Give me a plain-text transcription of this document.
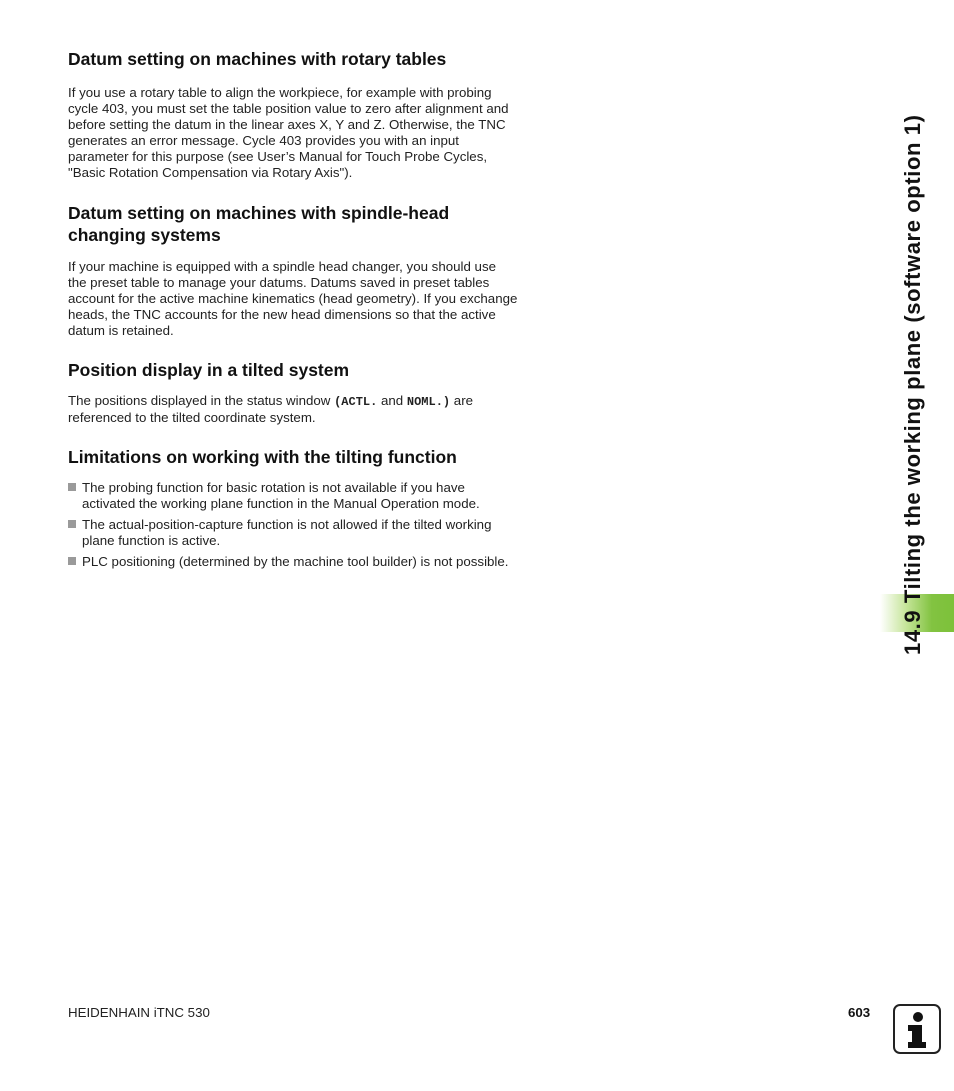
Datum setting on machines with rotary tables

If you use a rotary table to align the workpiece, for example with probing cycle 403, you must set the table position value to zero after alignment and before setting the datum in the linear axes X, Y and Z. Otherwise, the TNC generates an error message. Cycle 403 provides you with an input parameter for this purpose (see User’s Manual for Touch Probe Cycles, "Basic Rotation Compensation via Rotary Axis").

Datum setting on machines with spindle-head changing systems

If your machine is equipped with a spindle head changer, you should use the preset table to manage your datums. Datums saved in preset tables account for the active machine kinematics (head geometry). If you exchange heads, the TNC accounts for the new head dimensions so that the active datum is retained.

Position display in a tilted system

The positions displayed in the status window (ACTL. and NOML.) are referenced to the tilted coordinate system.

Limitations on working with the tilting function
The probing function for basic rotation is not available if you have activated the working plane function in the Manual Operation mode.
The actual-position-capture function is not allowed if the tilted working plane function is active.
PLC positioning (determined by the machine tool builder) is not possible.	14.9 Tilting the working plane (software option 1)
HEIDENHAIN iTNC 530	603
